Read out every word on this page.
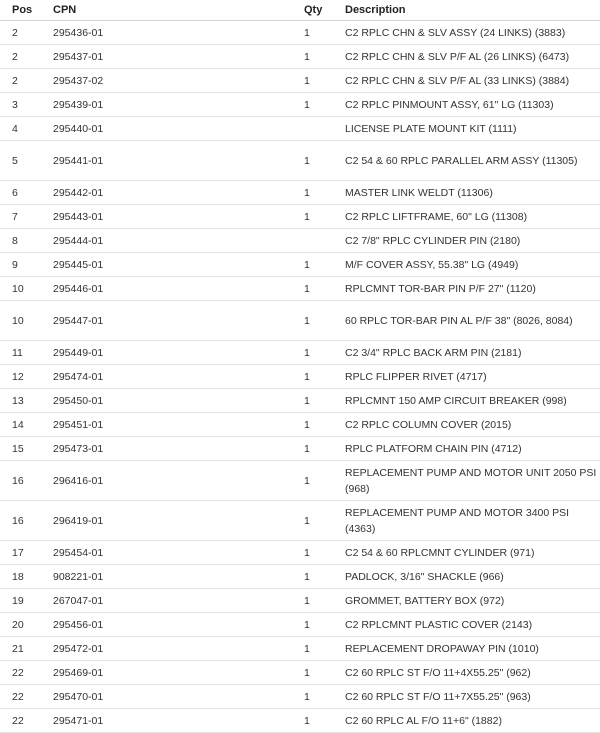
Pos	CPN	Qty	Description
2	295436-01	1	C2 RPLC CHN & SLV ASSY (24 LINKS) (3883)
2	295437-01	1	C2 RPLC CHN & SLV P/F AL (26 LINKS) (6473)
2	295437-02	1	C2 RPLC CHN & SLV P/F AL (33 LINKS) (3884)
3	295439-01	1	C2 RPLC PINMOUNT ASSY, 61" LG (11303)
4	295440-01		LICENSE PLATE MOUNT KIT (1111)
5	295441-01	1	C2 54 & 60 RPLC PARALLEL ARM ASSY (11305)
6	295442-01	1	MASTER LINK WELDT (11306)
7	295443-01	1	C2 RPLC LIFTFRAME, 60" LG (11308)
8	295444-01		C2 7/8" RPLC CYLINDER PIN (2180)
9	295445-01	1	M/F COVER ASSY, 55.38" LG (4949)
10	295446-01	1	RPLCMNT TOR-BAR PIN P/F 27" (1120)
10	295447-01	1	60 RPLC TOR-BAR PIN AL P/F 38" (8026, 8084)
11	295449-01	1	C2 3/4" RPLC BACK ARM PIN (2181)
12	295474-01	1	RPLC FLIPPER RIVET (4717)
13	295450-01	1	RPLCMNT 150 AMP CIRCUIT BREAKER (998)
14	295451-01	1	C2 RPLC COLUMN COVER (2015)
15	295473-01	1	RPLC PLATFORM CHAIN PIN (4712)
16	296416-01	1	REPLACEMENT PUMP AND MOTOR UNIT 2050 PSI (968)
16	296419-01	1	REPLACEMENT PUMP AND MOTOR 3400 PSI (4363)
17	295454-01	1	C2 54 & 60 RPLCMNT CYLINDER (971)
18	908221-01	1	PADLOCK, 3/16" SHACKLE (966)
19	267047-01	1	GROMMET, BATTERY BOX (972)
20	295456-01	1	C2 RPLCMNT PLASTIC COVER (2143)
21	295472-01	1	REPLACEMENT DROPAWAY PIN (1010)
22	295469-01	1	C2 60 RPLC ST F/O 11+4X55.25" (962)
22	295470-01	1	C2 60 RPLC ST F/O 11+7X55.25" (963)
22	295471-01	1	C2 60 RPLC AL F/O 11+6" (1882)
